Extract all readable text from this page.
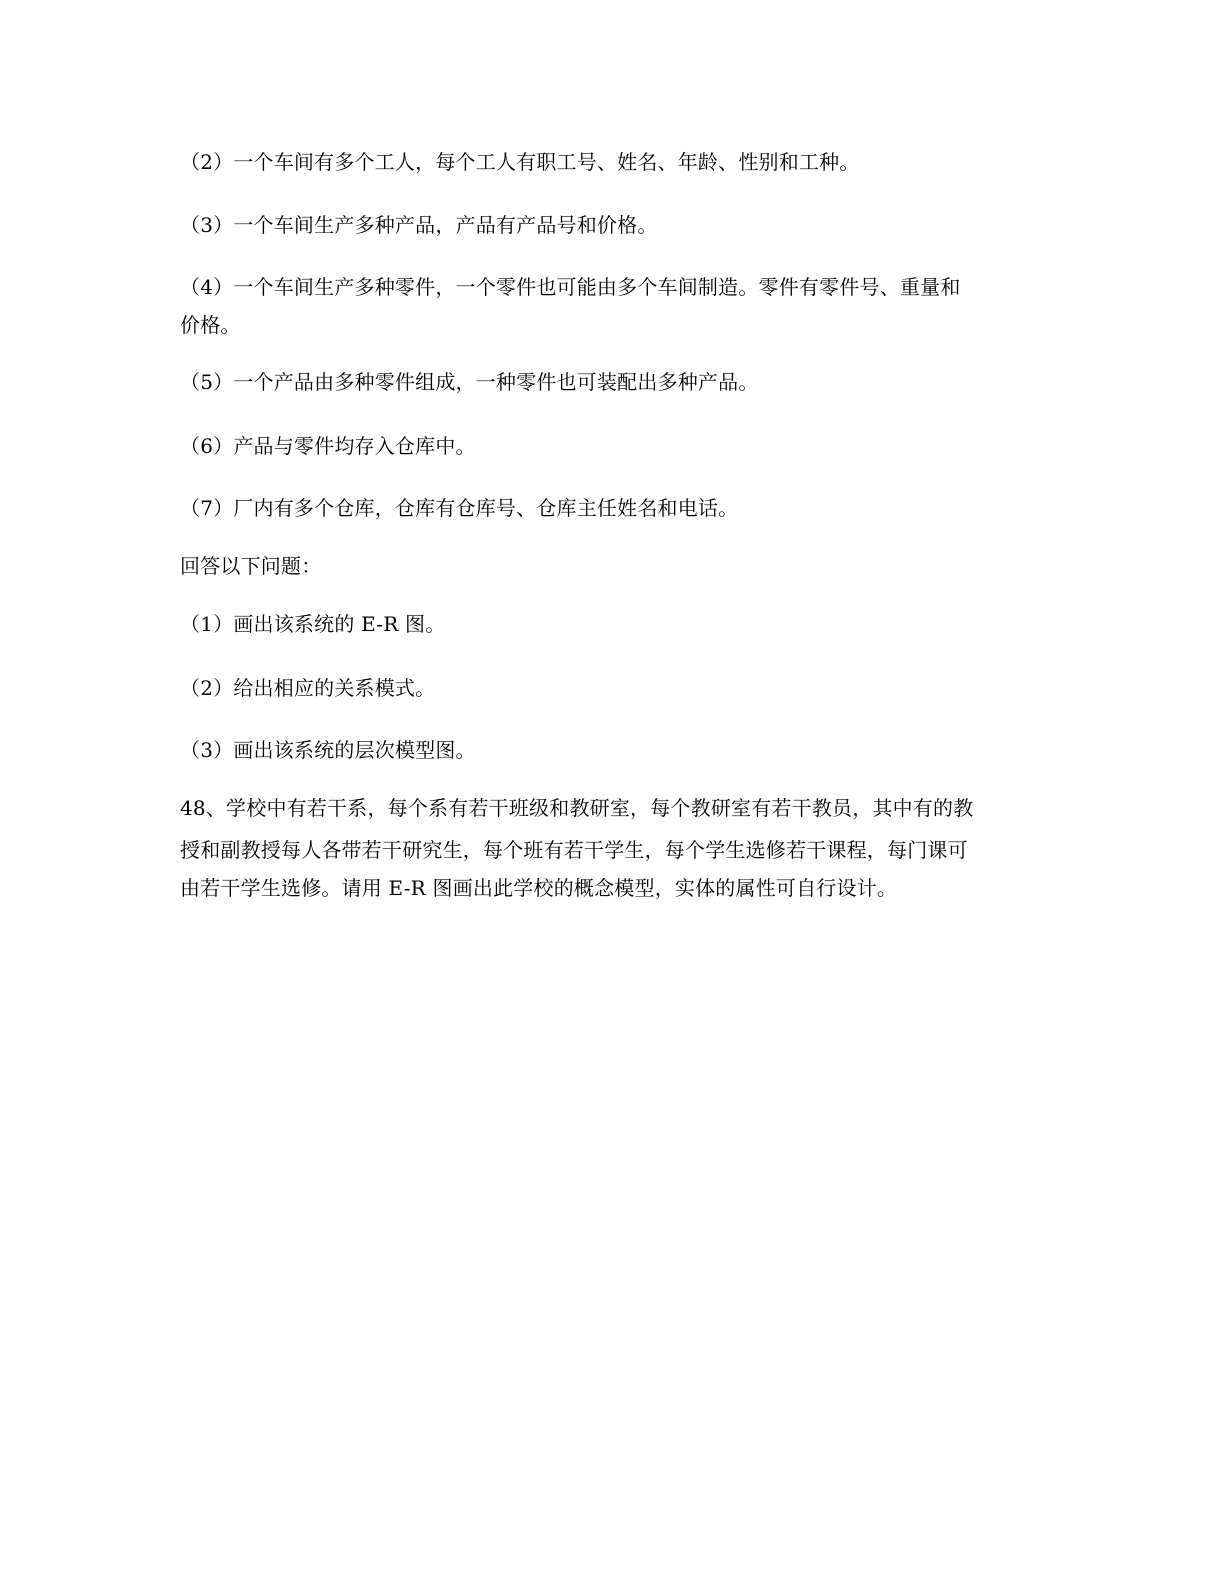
（2）一个车间有多个工人，每个工人有职工号、姓名、年龄、性别和工种。
（3）一个车间生产多种产品，产品有产品号和价格。
（4）一个车间生产多种零件，一个零件也可能由多个车间制造。零件有零件号、重量和
价格。
（5）一个产品由多种零件组成，一种零件也可装配出多种产品。
（6）产品与零件均存入仓库中。
（7）厂内有多个仓库，仓库有仓库号、仓库主任姓名和电话。
回答以下问题：
（1）画出该系统的 E-R 图。
（2）给出相应的关系模式。
（3）画出该系统的层次模型图。
48、学校中有若干系，每个系有若干班级和教研室，每个教研室有若干教员，其中有的教
授和副教授每人各带若干研究生，每个班有若干学生，每个学生选修若干课程，每门课可
由若干学生选修。请用 E-R 图画出此学校的概念模型，实体的属性可自行设计。
